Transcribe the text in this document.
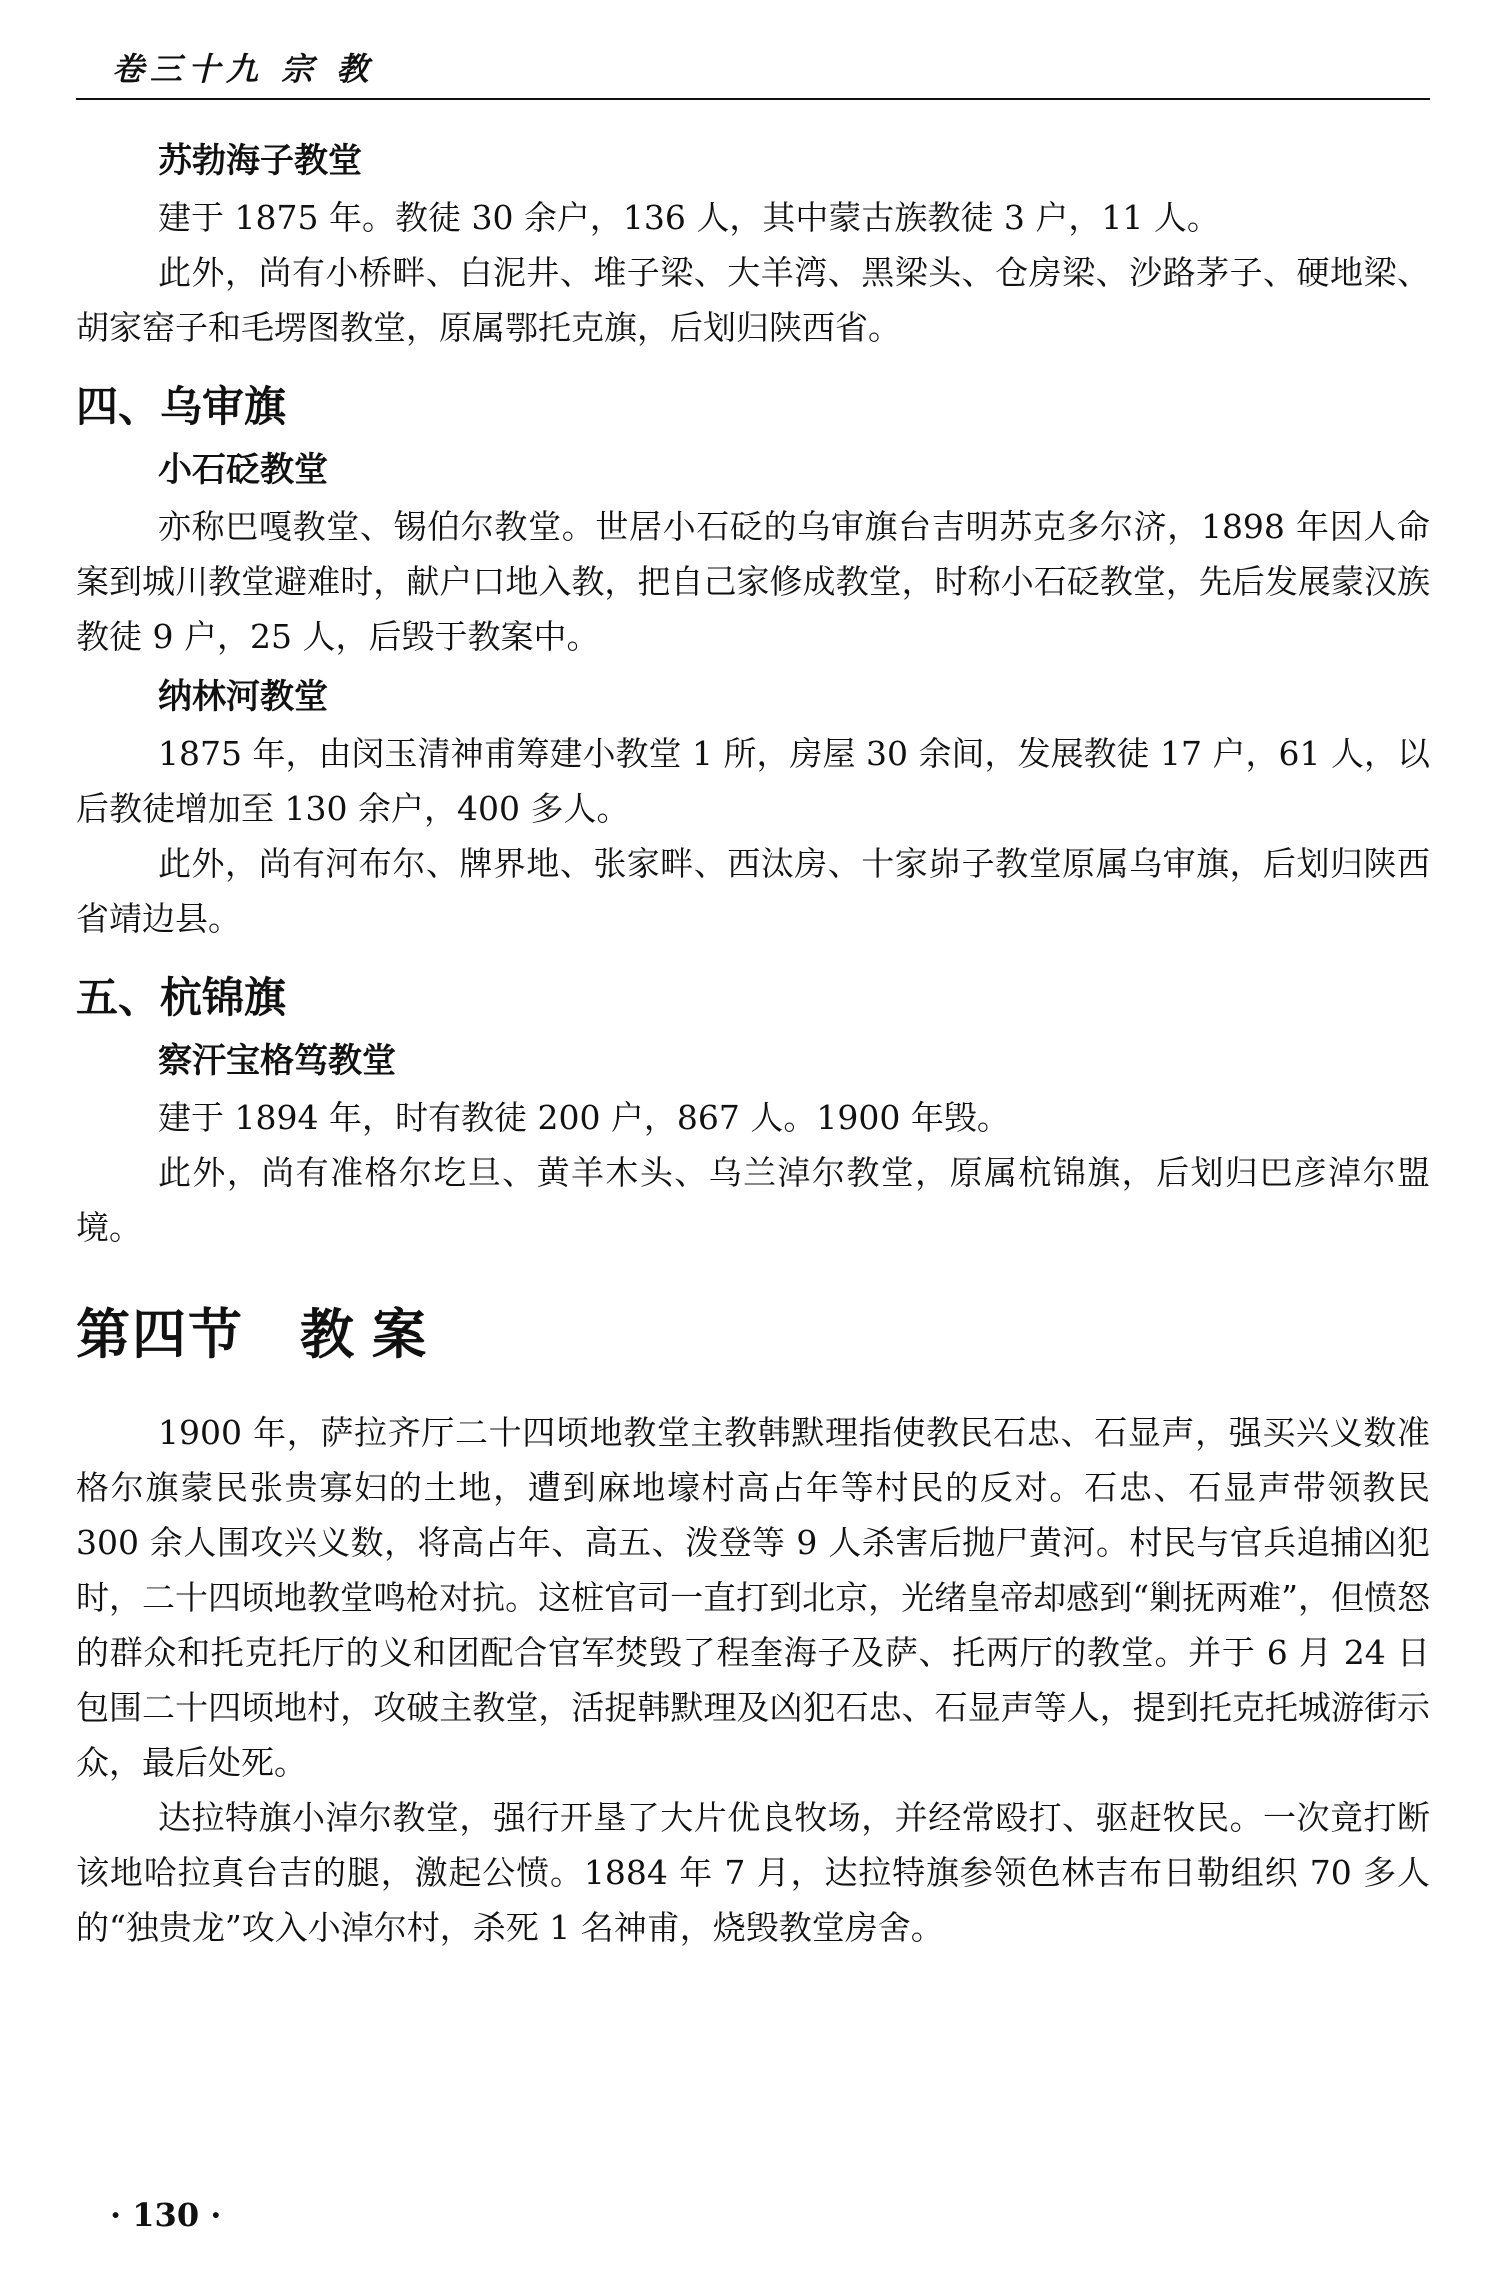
卷三十九 宗 教
苏勃海子教堂

建于 1875 年。教徒 30 余户，136 人，其中蒙古族教徒 3 户，11 人。

此外，尚有小桥畔、白泥井、堆子梁、大羊湾、黑梁头、仓房梁、沙路茅子、硬地梁、胡家窑子和毛塄图教堂，原属鄂托克旗，后划归陕西省。

四、乌审旗
小石砭教堂

亦称巴嘎教堂、锡伯尔教堂。世居小石砭的乌审旗台吉明苏克多尔济，1898 年因人命案到城川教堂避难时，献户口地入教，把自己家修成教堂，时称小石砭教堂，先后发展蒙汉族教徒 9 户，25 人，后毁于教案中。

纳林河教堂

1875 年，由闵玉清神甫筹建小教堂 1 所，房屋 30 余间，发展教徒 17 户，61 人，以后教徒增加至 130 余户，400 多人。

此外，尚有河布尔、牌界地、张家畔、西汰房、十家峁子教堂原属乌审旗，后划归陕西省靖边县。

五、杭锦旗
察汗宝格笃教堂

建于 1894 年，时有教徒 200 户，867 人。1900 年毁。

此外，尚有准格尔圪旦、黄羊木头、乌兰淖尔教堂，原属杭锦旗，后划归巴彦淖尔盟境。

第四节 教案

1900 年，萨拉齐厅二十四顷地教堂主教韩默理指使教民石忠、石显声，强买兴义数准格尔旗蒙民张贵寡妇的土地，遭到麻地壕村高占年等村民的反对。石忠、石显声带领教民 300 余人围攻兴义数，将高占年、高五、泼登等 9 人杀害后抛尸黄河。村民与官兵追捕凶犯时，二十四顷地教堂鸣枪对抗。这桩官司一直打到北京，光绪皇帝却感到“剿抚两难”，但愤怒的群众和托克托厅的义和团配合官军焚毁了程奎海子及萨、托两厅的教堂。并于 6 月 24 日包围二十四顷地村，攻破主教堂，活捉韩默理及凶犯石忠、石显声等人，提到托克托城游街示众，最后处死。

达拉特旗小淖尔教堂，强行开垦了大片优良牧场，并经常殴打、驱赶牧民。一次竟打断该地哈拉真台吉的腿，激起公愤。1884 年 7 月，达拉特旗参领色林吉布日勒组织 70 多人的“独贵龙”攻入小淖尔村，杀死 1 名神甫，烧毁教堂房舍。

· 130 ·
